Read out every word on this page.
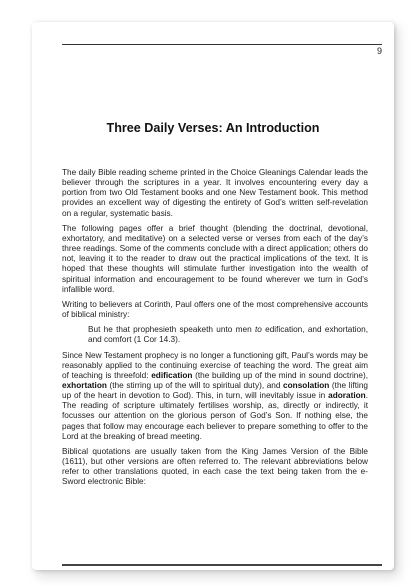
9
Three Daily Verses: An Introduction

The daily Bible reading scheme printed in the Choice Gleanings Calendar leads the believer through the scriptures in a year. It involves encountering every day a portion from two Old Testament books and one New Testament book. This method provides an excellent way of digesting the entirety of God’s written self-revelation on a regular, systematic basis.

The following pages offer a brief thought (blending the doctrinal, devotional, exhortatory, and meditative) on a selected verse or verses from each of the day’s three readings. Some of the comments conclude with a direct application; others do not, leaving it to the reader to draw out the practical implications of the text. It is hoped that these thoughts will stimulate further investigation into the wealth of spiritual information and encouragement to be found wherever we turn in God’s infallible word.

Writing to believers at Corinth, Paul offers one of the most comprehensive accounts of biblical ministry:

But he that prophesieth speaketh unto men to edification, and exhortation, and comfort (1 Cor 14.3).

Since New Testament prophecy is no longer a functioning gift, Paul’s words may be reasonably applied to the continuing exercise of teaching the word. The great aim of teaching is threefold: edification (the building up of the mind in sound doctrine), exhortation (the stirring up of the will to spiritual duty), and consolation (the lifting up of the heart in devotion to God). This, in turn, will inevitably issue in adoration. The reading of scripture ultimately fertilises worship, as, directly or indirectly, it focusses our attention on the glorious person of God’s Son. If nothing else, the pages that follow may encourage each believer to prepare something to offer to the Lord at the breaking of bread meeting.

Biblical quotations are usually taken from the King James Version of the Bible (1611), but other versions are often referred to. The relevant abbreviations below refer to other translations quoted, in each case the text being taken from the e-Sword electronic Bible:
